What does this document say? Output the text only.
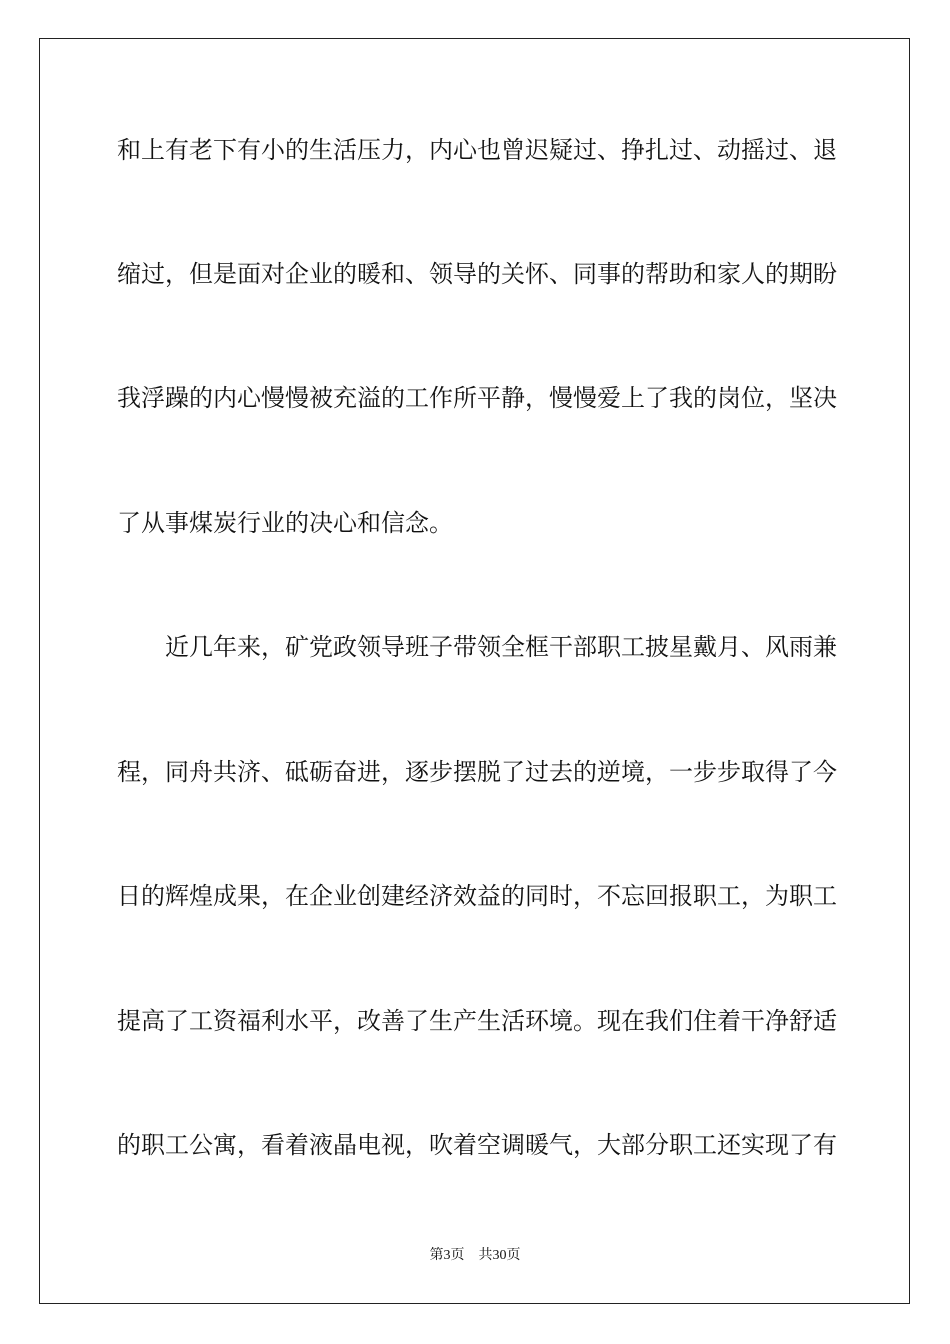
和上有老下有小的生活压力，内心也曾迟疑过、挣扎过、动摇过、退
缩过，但是面对企业的暖和、领导的关怀、同事的帮助和家人的期盼
我浮躁的内心慢慢被充溢的工作所平静，慢慢爱上了我的岗位，坚决
了从事煤炭行业的决心和信念。
近几年来，矿党政领导班子带领全框干部职工披星戴月、风雨兼
程，同舟共济、砥砺奋进，逐步摆脱了过去的逆境，一步步取得了今
日的辉煌成果，在企业创建经济效益的同时，不忘回报职工，为职工
提高了工资福利水平，改善了生产生活环境。现在我们住着干净舒适
的职工公寓，看着液晶电视，吹着空调暖气，大部分职工还实现了有
第3页 共30页
